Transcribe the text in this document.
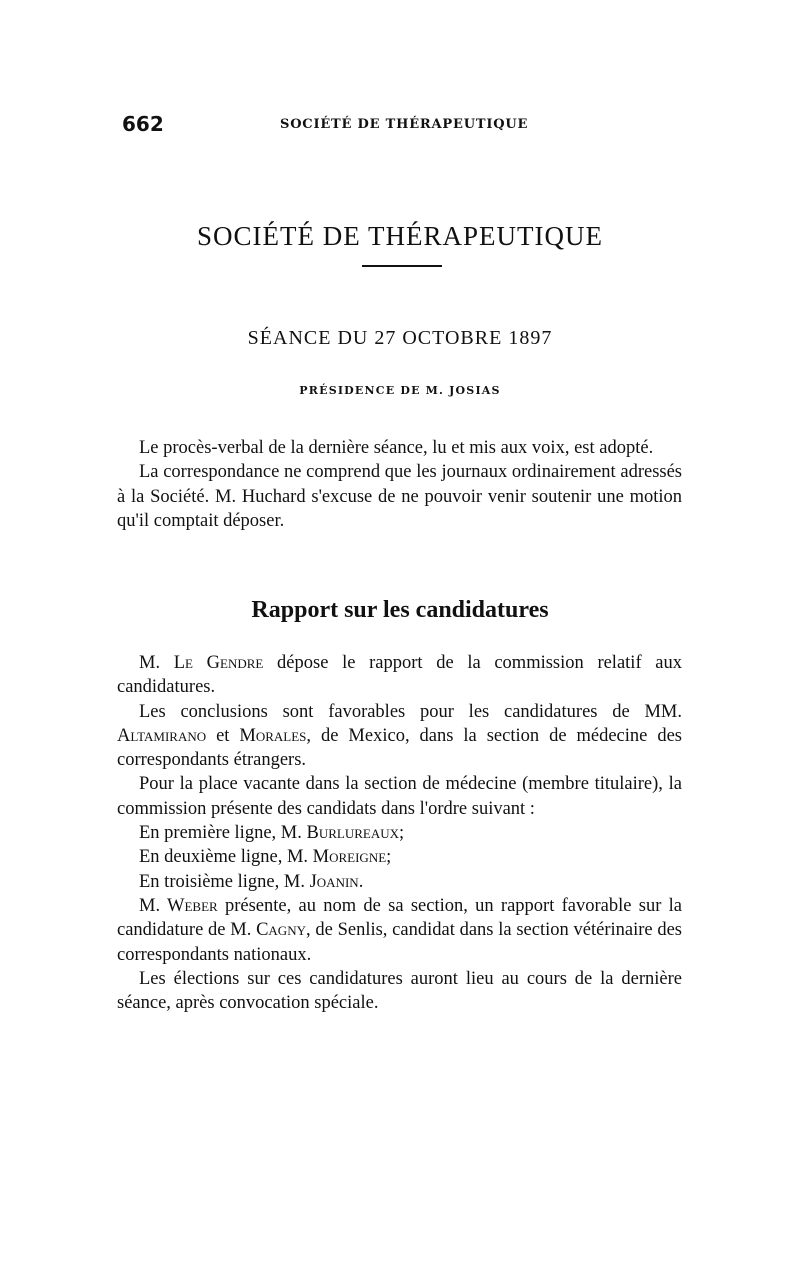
662	SOCIÉTÉ DE THÉRAPEUTIQUE
SOCIÉTÉ DE THÉRAPEUTIQUE
SÉANCE DU 27 OCTOBRE 1897
PRÉSIDENCE DE M. JOSIAS

Le procès-verbal de la dernière séance, lu et mis aux voix, est adopté.

La correspondance ne comprend que les journaux ordinairement adressés à la Société. M. Huchard s'excuse de ne pouvoir venir soutenir une motion qu'il comptait déposer.

Rapport sur les candidatures

M. Le Gendre dépose le rapport de la commission relatif aux candidatures.

Les conclusions sont favorables pour les candidatures de MM. Altamirano et Morales, de Mexico, dans la section de médecine des correspondants étrangers.

Pour la place vacante dans la section de médecine (membre titulaire), la commission présente des candidats dans l'ordre suivant :

En première ligne, M. Burlureaux;

En deuxième ligne, M. Moreigne;

En troisième ligne, M. Joanin.

M. Weber présente, au nom de sa section, un rapport favorable sur la candidature de M. Cagny, de Senlis, candidat dans la section vétérinaire des correspondants nationaux.

Les élections sur ces candidatures auront lieu au cours de la dernière séance, après convocation spéciale.
